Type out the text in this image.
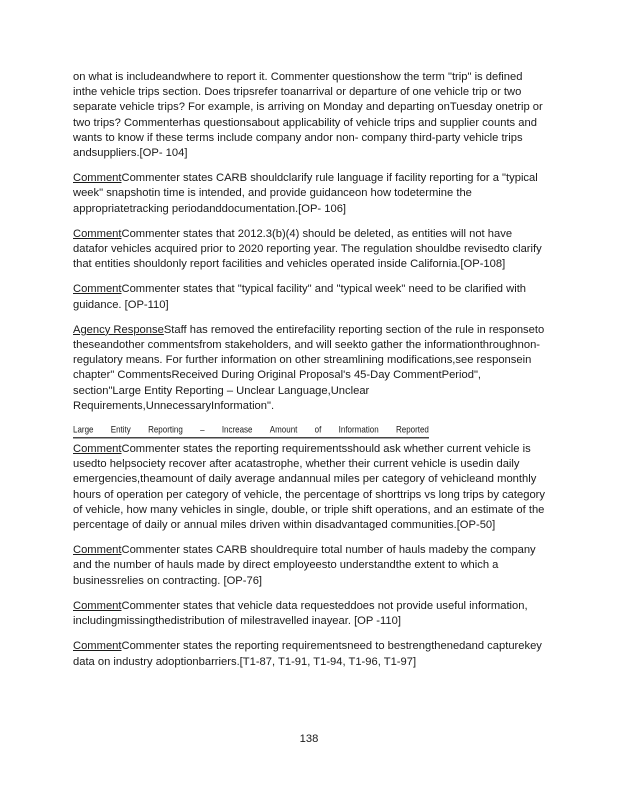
on what is includeandwhere to report it. Commenter questionshow the term "trip" is defined inthe vehicle trips section. Does tripsrefer toanarrival or departure of one vehicle trip or two separate vehicle trips? For example, is arriving on Monday and departing onTuesday onetrip or two trips? Commenterhas questionsabout applicability of vehicle trips and supplier counts and wants to know if these terms include company andor non- company third-party vehicle trips andsuppliers.[OP- 104]

CommentCommenter states CARB shouldclarify rule language if facility reporting for a "typical week" snapshotin time is intended, and provide guidanceon how todetermine the appropriatetracking periodanddocumentation.[OP- 106]

CommentCommenter states that 2012.3(b)(4) should be deleted, as entities will not have datafor vehicles acquired prior to 2020 reporting year. The regulation shouldbe revisedto clarify that entities shouldonly report facilities and vehicles operated inside California.[OP-108]

CommentCommenter states that "typical facility" and "typical week" need to be clarified with guidance. [OP-110]

Agency ResponseStaff has removed the entirefacility reporting section of the rule in responseto theseandother commentsfrom stakeholders, and will seekto gather the informationthroughnon-regulatory means. For further information on other streamlining modifications,see responsein chapter" CommentsReceived During Original Proposal's 45-Day CommentPeriod", section"Large Entity Reporting – Unclear Language,Unclear Requirements,UnnecessaryInformation".

Large Entity Reporting – Increase Amount of Information Reported

CommentCommenter states the reporting requirementsshould ask whether current vehicle is usedto helpsociety recover after acatastrophe, whether their current vehicle is usedin daily emergencies,theamount of daily average andannual miles per category of vehicleand monthly hours of operation per category of vehicle, the percentage of shorttrips vs long trips by category of vehicle, how many vehicles in single, double, or triple shift operations, and an estimate of the percentage of daily or annual miles driven within disadvantaged communities.[OP-50]

CommentCommenter states CARB shouldrequire total number of hauls madeby the company and the number of hauls made by direct employeesto understandthe extent to which a businessrelies on contracting. [OP-76]

CommentCommenter states that vehicle data requesteddoes not provide useful information, includingmissingthedistribution of milestravelled inayear. [OP -110]

CommentCommenter states the reporting requirementsneed to bestrengthenedand capturekey data on industry adoptionbarriers.[T1-87, T1-91, T1-94, T1-96, T1-97]

138
